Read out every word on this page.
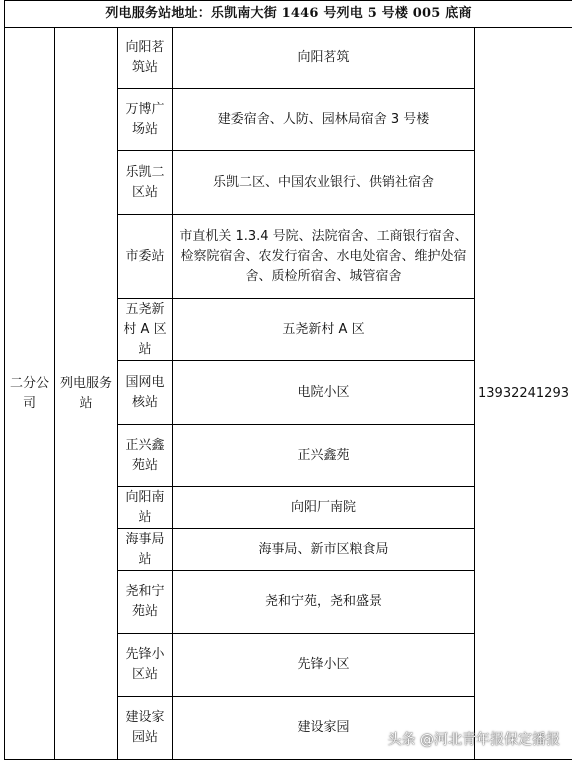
列电服务站地址：乐凯南大街 1446 号列电 5 号楼 005 底商				
二分公司	列电服务站	向阳茗筑站	向阳茗筑	13932241293
		万博广场站	建委宿舍、人防、园林局宿舍 3 号楼	
		乐凯二区站	乐凯二区、中国农业银行、供销社宿舍	
		市委站	市直机关 1.3.4 号院、法院宿舍、工商银行宿舍、检察院宿舍、农发行宿舍、水电处宿舍、维护处宿舍、质检所宿舍、城管宿舍	
		五尧新村 A 区站	五尧新村 A 区	
		国网电核站	电院小区	
		正兴鑫苑站	正兴鑫苑	
		向阳南站	向阳厂南院	
		海事局站	海事局、新市区粮食局	
		尧和宁苑站	尧和宁苑，尧和盛景	
		先锋小区站	先锋小区	
		建设家园站	建设家园	
头条 @河北青年报保定播报
